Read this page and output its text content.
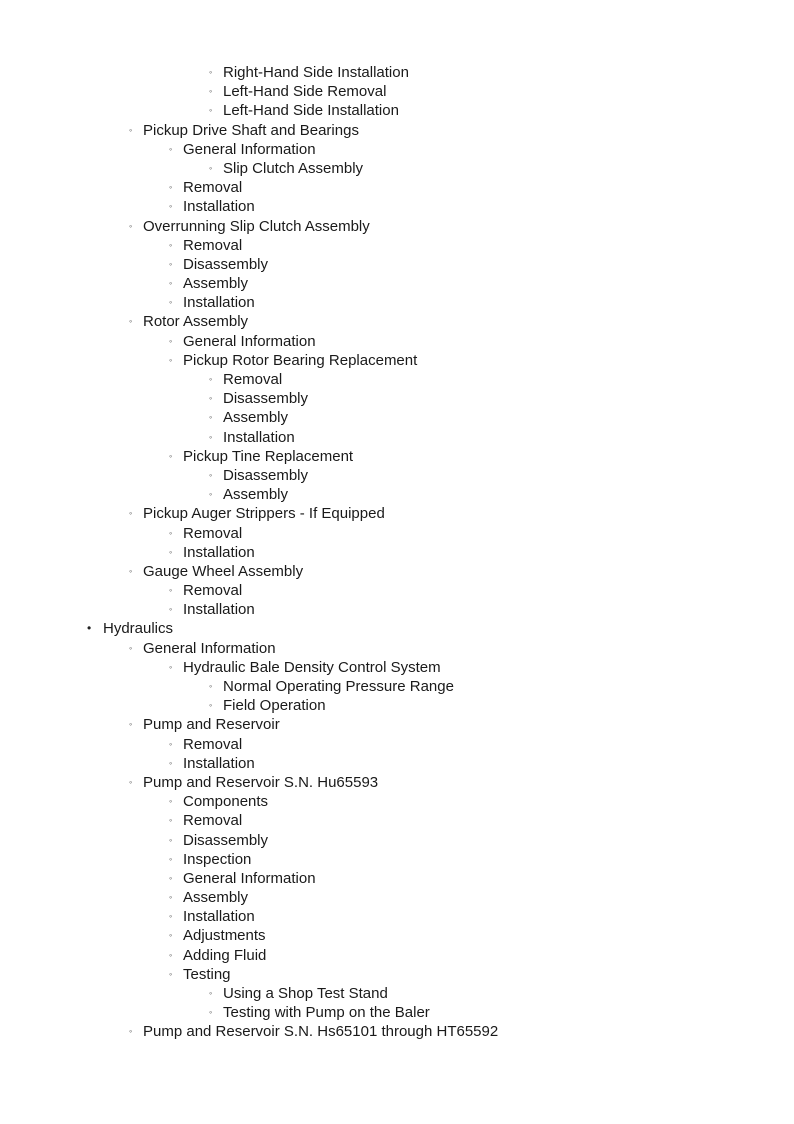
◦ Right-Hand Side Installation
◦ Left-Hand Side Removal
◦ Left-Hand Side Installation
◦ Pickup Drive Shaft and Bearings
◦ General Information
◦ Slip Clutch Assembly
◦ Removal
◦ Installation
◦ Overrunning Slip Clutch Assembly
◦ Removal
◦ Disassembly
◦ Assembly
◦ Installation
◦ Rotor Assembly
◦ General Information
◦ Pickup Rotor Bearing Replacement
◦ Removal
◦ Disassembly
◦ Assembly
◦ Installation
◦ Pickup Tine Replacement
◦ Disassembly
◦ Assembly
◦ Pickup Auger Strippers - If Equipped
◦ Removal
◦ Installation
◦ Gauge Wheel Assembly
◦ Removal
◦ Installation
• Hydraulics
◦ General Information
◦ Hydraulic Bale Density Control System
◦ Normal Operating Pressure Range
◦ Field Operation
◦ Pump and Reservoir
◦ Removal
◦ Installation
◦ Pump and Reservoir S.N. Hu65593
◦ Components
◦ Removal
◦ Disassembly
◦ Inspection
◦ General Information
◦ Assembly
◦ Installation
◦ Adjustments
◦ Adding Fluid
◦ Testing
◦ Using a Shop Test Stand
◦ Testing with Pump on the Baler
◦ Pump and Reservoir S.N. Hs65101 through HT65592
